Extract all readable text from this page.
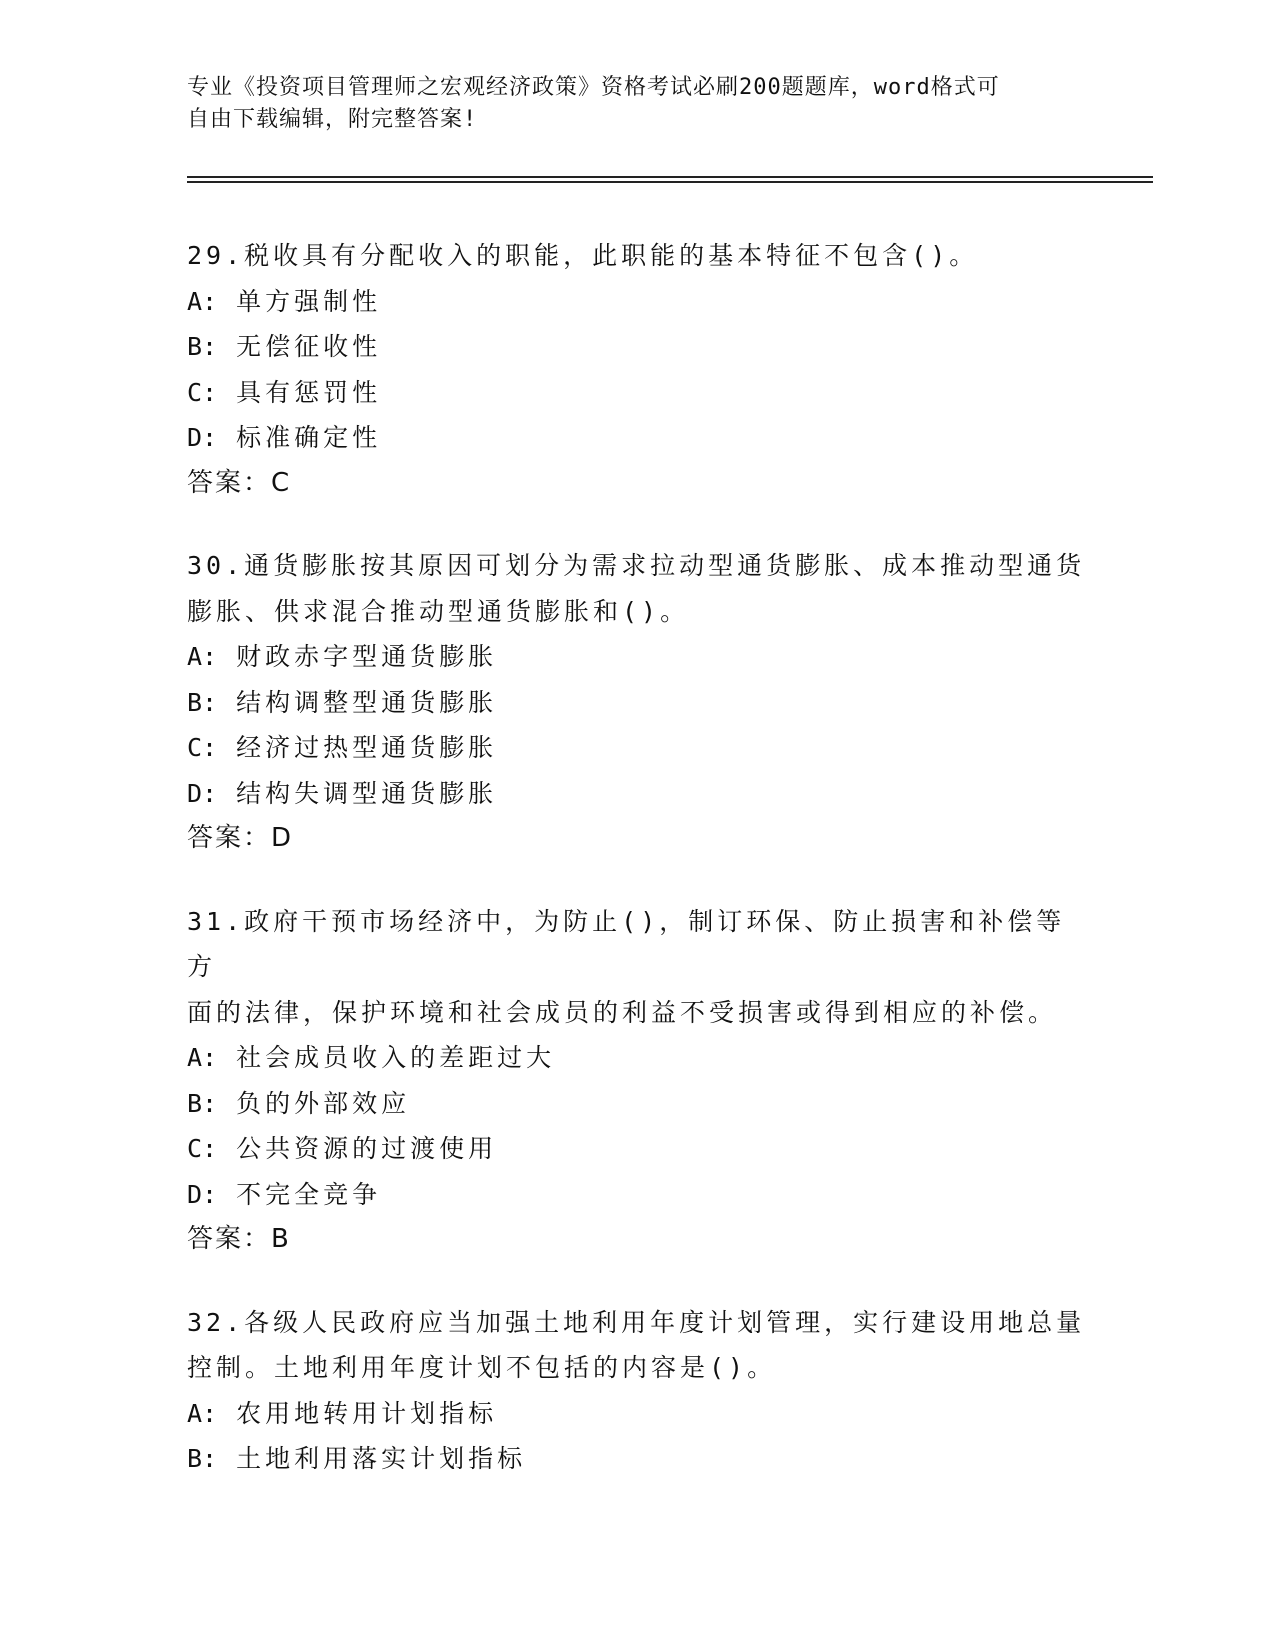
专业《投资项目管理师之宏观经济政策》资格考试必刷200题题库，word格式可
自由下载编辑，附完整答案!
29.税收具有分配收入的职能，此职能的基本特征不包含()。
A: 单方强制性
B: 无偿征收性
C: 具有惩罚性
D: 标准确定性
答案：C
30.通货膨胀按其原因可划分为需求拉动型通货膨胀、成本推动型通货
膨胀、供求混合推动型通货膨胀和()。
A: 财政赤字型通货膨胀
B: 结构调整型通货膨胀
C: 经济过热型通货膨胀
D: 结构失调型通货膨胀
答案：D
31.政府干预市场经济中，为防止()，制订环保、防止损害和补偿等方
面的法律，保护环境和社会成员的利益不受损害或得到相应的补偿。
A: 社会成员收入的差距过大
B: 负的外部效应
C: 公共资源的过渡使用
D: 不完全竞争
答案：B
32.各级人民政府应当加强土地利用年度计划管理，实行建设用地总量
控制。土地利用年度计划不包括的内容是()。
A: 农用地转用计划指标
B: 土地利用落实计划指标
